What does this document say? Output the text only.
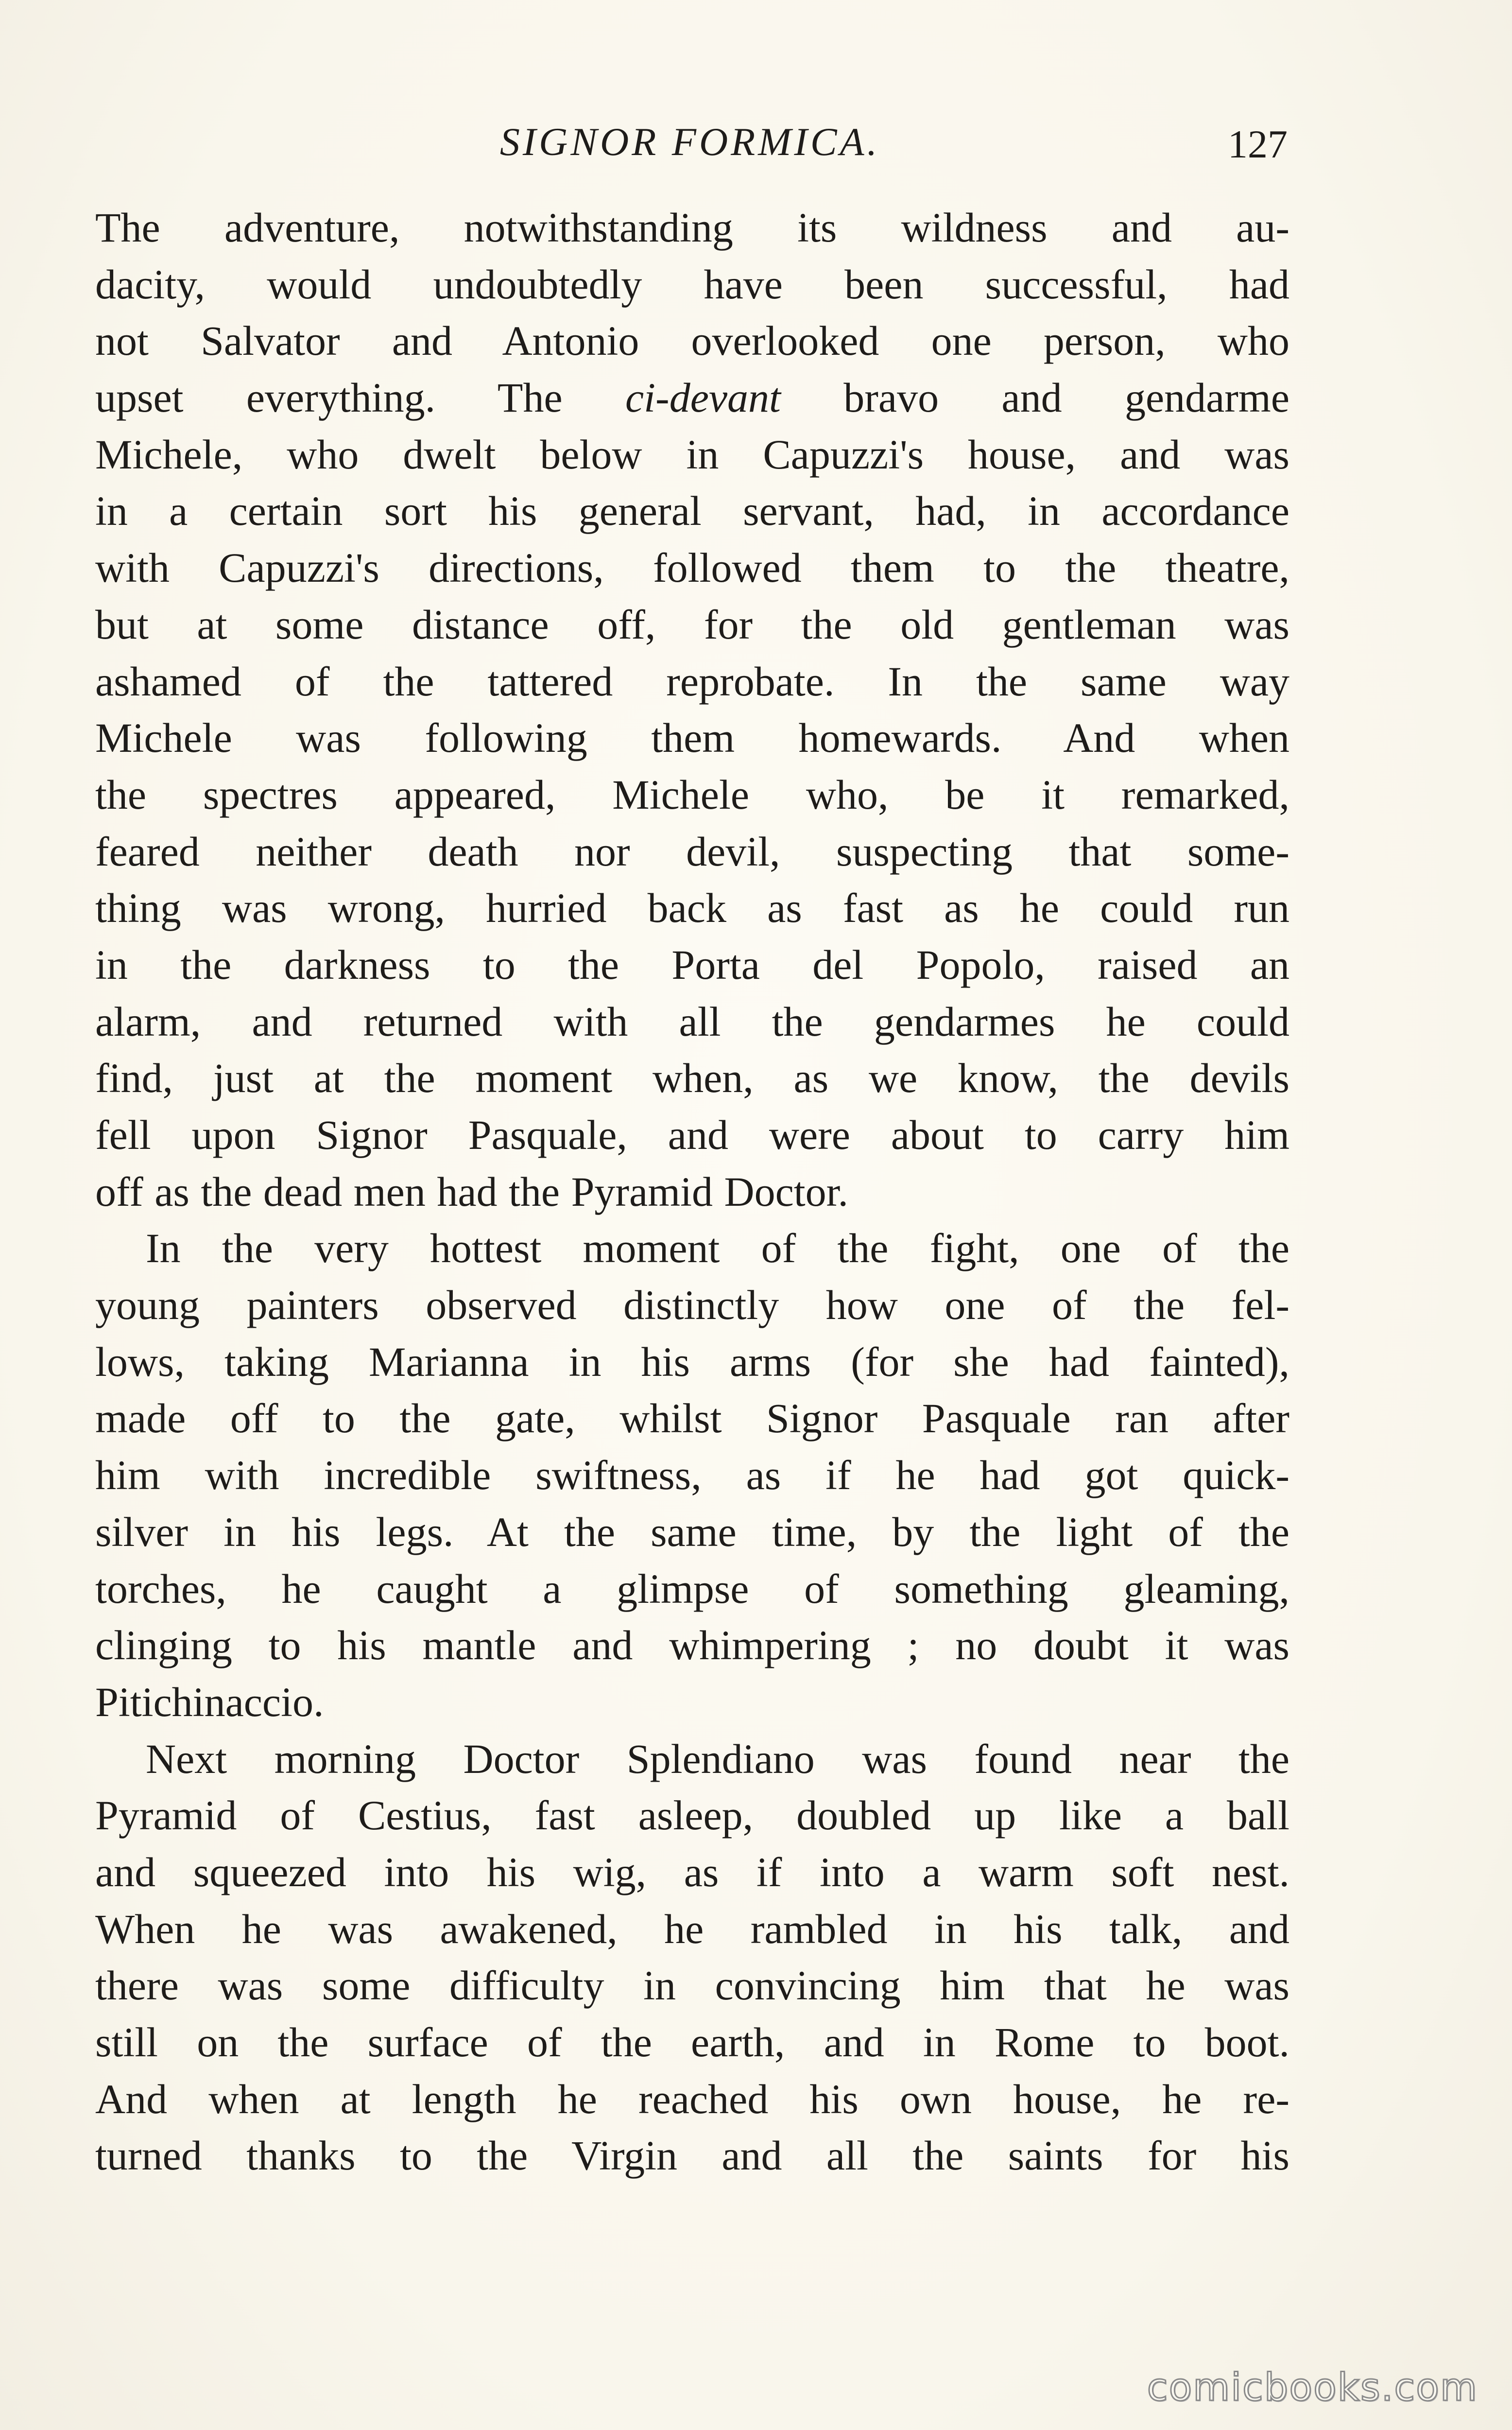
SIGNOR FORMICA.	127
The adventure, notwithstanding its wildness and au-
dacity, would undoubtedly have been successful, had
not Salvator and Antonio overlooked one person, who
upset everything. The ci-devant bravo and gendarme
Michele, who dwelt below in Capuzzi's house, and was
in a certain sort his general servant, had, in accordance
with Capuzzi's directions, followed them to the theatre,
but at some distance off, for the old gentleman was
ashamed of the tattered reprobate. In the same way
Michele was following them homewards. And when
the spectres appeared, Michele who, be it remarked,
feared neither death nor devil, suspecting that some-
thing was wrong, hurried back as fast as he could run
in the darkness to the Porta del Popolo, raised an
alarm, and returned with all the gendarmes he could
find, just at the moment when, as we know, the devils
fell upon Signor Pasquale, and were about to carry him
off as the dead men had the Pyramid Doctor.
In the very hottest moment of the fight, one of the
young painters observed distinctly how one of the fel-
lows, taking Marianna in his arms (for she had fainted),
made off to the gate, whilst Signor Pasquale ran after
him with incredible swiftness, as if he had got quick-
silver in his legs. At the same time, by the light of the
torches, he caught a glimpse of something gleaming,
clinging to his mantle and whimpering ; no doubt it was
Pitichinaccio.
Next morning Doctor Splendiano was found near the
Pyramid of Cestius, fast asleep, doubled up like a ball
and squeezed into his wig, as if into a warm soft nest.
When he was awakened, he rambled in his talk, and
there was some difficulty in convincing him that he was
still on the surface of the earth, and in Rome to boot.
And when at length he reached his own house, he re-
turned thanks to the Virgin and all the saints for his
comicbooks.com
